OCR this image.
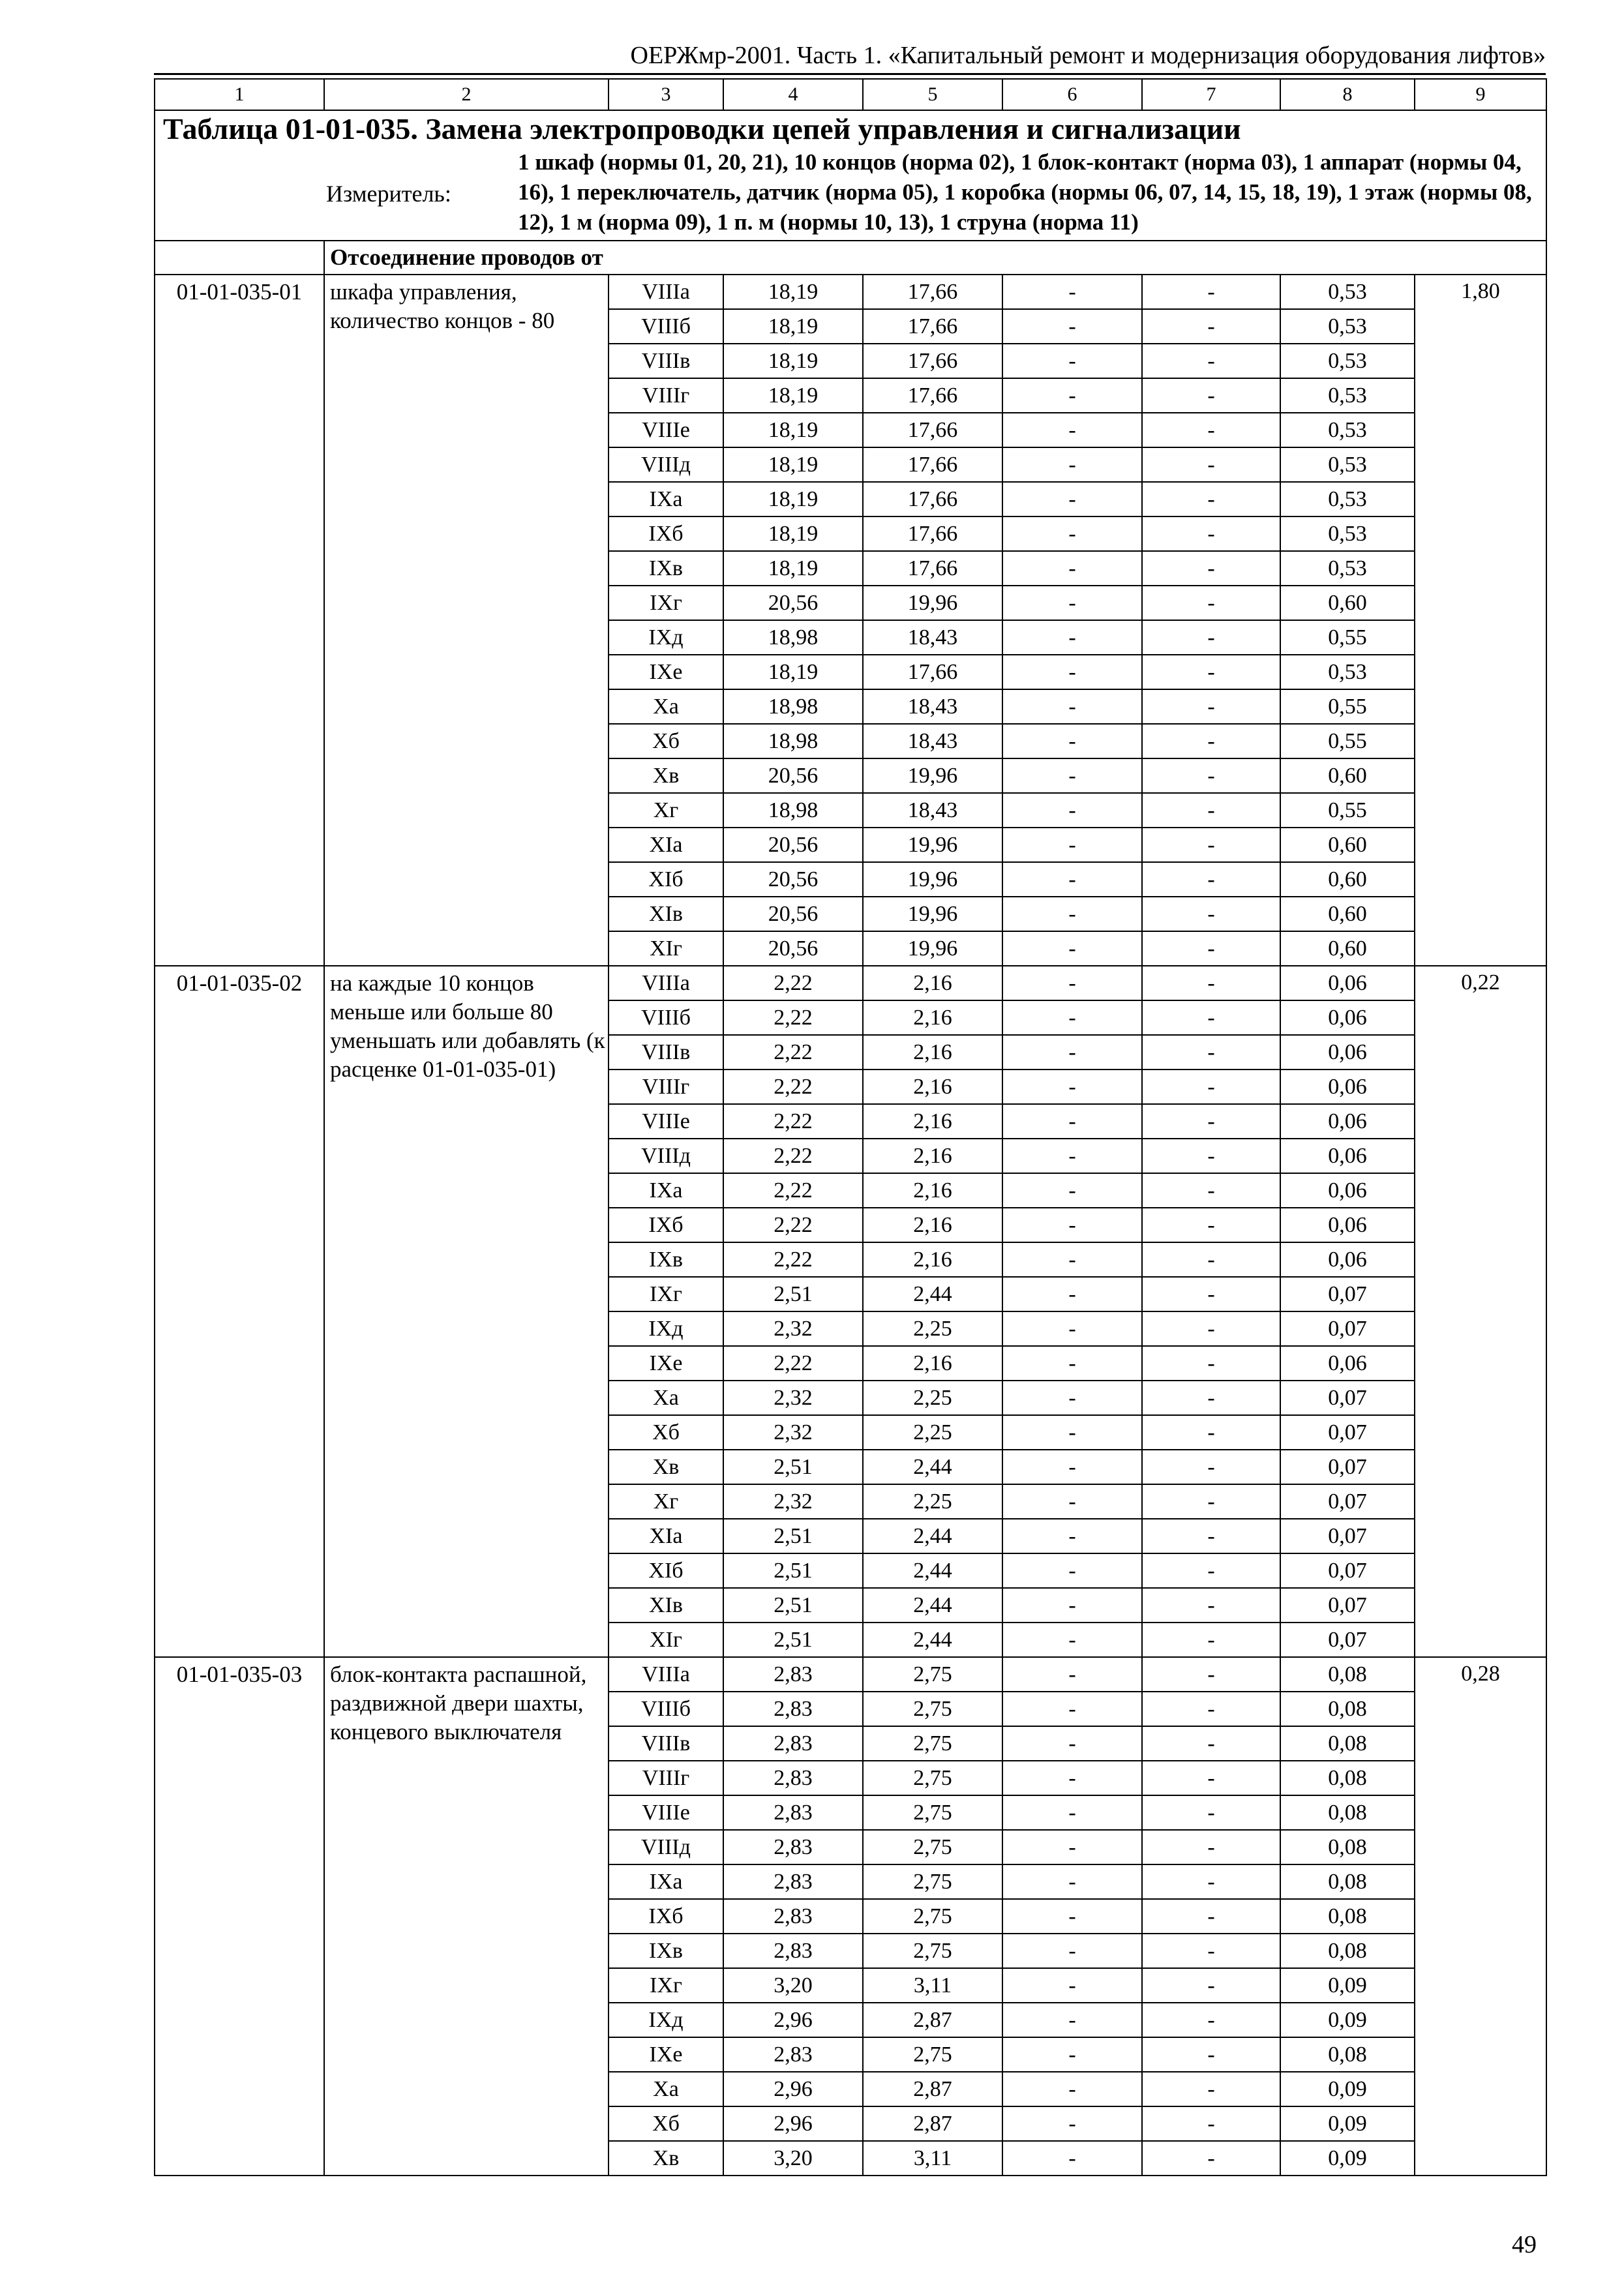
ОЕРЖмр-2001. Часть 1. «Капитальный ремонт и модернизация оборудования лифтов»
1	2	3	4	5	6	7	8	9
Таблица 01-01-035. Замена электропроводки цепей управления и сигнализации								

Измеритель:
1 шкаф (нормы 01, 20, 21), 10 концов (норма 02), 1 блок-контакт (норма 03), 1 аппарат (нормы 04, 16), 1 переключатель, датчик (норма 05), 1 коробка (нормы 06, 07, 14, 15, 18, 19), 1 этаж (нормы 08, 12), 1 м (норма 09), 1 п. м (нормы 10, 13), 1 струна (норма 11)								

	Отсоединение проводов от							
01-01-035-01	шкафа управления, количество концов - 80	VIIIа	18,19	17,66	-	-	0,53	1,80
		VIIIб	18,19	17,66	-	-	0,53	
		VIIIв	18,19	17,66	-	-	0,53	
		VIIIг	18,19	17,66	-	-	0,53	
		VIIIе	18,19	17,66	-	-	0,53	
		VIIIд	18,19	17,66	-	-	0,53	
		IXа	18,19	17,66	-	-	0,53	
		IXб	18,19	17,66	-	-	0,53	
		IXв	18,19	17,66	-	-	0,53	
		IXг	20,56	19,96	-	-	0,60	
		IXд	18,98	18,43	-	-	0,55	
		IXе	18,19	17,66	-	-	0,53	
		Xа	18,98	18,43	-	-	0,55	
		Xб	18,98	18,43	-	-	0,55	
		Xв	20,56	19,96	-	-	0,60	
		Xг	18,98	18,43	-	-	0,55	
		XIа	20,56	19,96	-	-	0,60	
		XIб	20,56	19,96	-	-	0,60	
		XIв	20,56	19,96	-	-	0,60	
		XIг	20,56	19,96	-	-	0,60	
01-01-035-02	на каждые 10 концов меньше или больше 80 уменьшать или добавлять (к расценке 01-01-035-01)	VIIIа	2,22	2,16	-	-	0,06	0,22
		VIIIб	2,22	2,16	-	-	0,06	
		VIIIв	2,22	2,16	-	-	0,06	
		VIIIг	2,22	2,16	-	-	0,06	
		VIIIе	2,22	2,16	-	-	0,06	
		VIIIд	2,22	2,16	-	-	0,06	
		IXа	2,22	2,16	-	-	0,06	
		IXб	2,22	2,16	-	-	0,06	
		IXв	2,22	2,16	-	-	0,06	
		IXг	2,51	2,44	-	-	0,07	
		IXд	2,32	2,25	-	-	0,07	
		IXе	2,22	2,16	-	-	0,06	
		Xа	2,32	2,25	-	-	0,07	
		Xб	2,32	2,25	-	-	0,07	
		Xв	2,51	2,44	-	-	0,07	
		Xг	2,32	2,25	-	-	0,07	
		XIа	2,51	2,44	-	-	0,07	
		XIб	2,51	2,44	-	-	0,07	
		XIв	2,51	2,44	-	-	0,07	
		XIг	2,51	2,44	-	-	0,07	
01-01-035-03	блок-контакта распашной, раздвижной двери шахты, концевого выключателя	VIIIа	2,83	2,75	-	-	0,08	0,28
		VIIIб	2,83	2,75	-	-	0,08	
		VIIIв	2,83	2,75	-	-	0,08	
		VIIIг	2,83	2,75	-	-	0,08	
		VIIIе	2,83	2,75	-	-	0,08	
		VIIIд	2,83	2,75	-	-	0,08	
		IXа	2,83	2,75	-	-	0,08	
		IXб	2,83	2,75	-	-	0,08	
		IXв	2,83	2,75	-	-	0,08	
		IXг	3,20	3,11	-	-	0,09	
		IXд	2,96	2,87	-	-	0,09	
		IXе	2,83	2,75	-	-	0,08	
		Xа	2,96	2,87	-	-	0,09	
		Xб	2,96	2,87	-	-	0,09	
		Xв	3,20	3,11	-	-	0,09	
49
